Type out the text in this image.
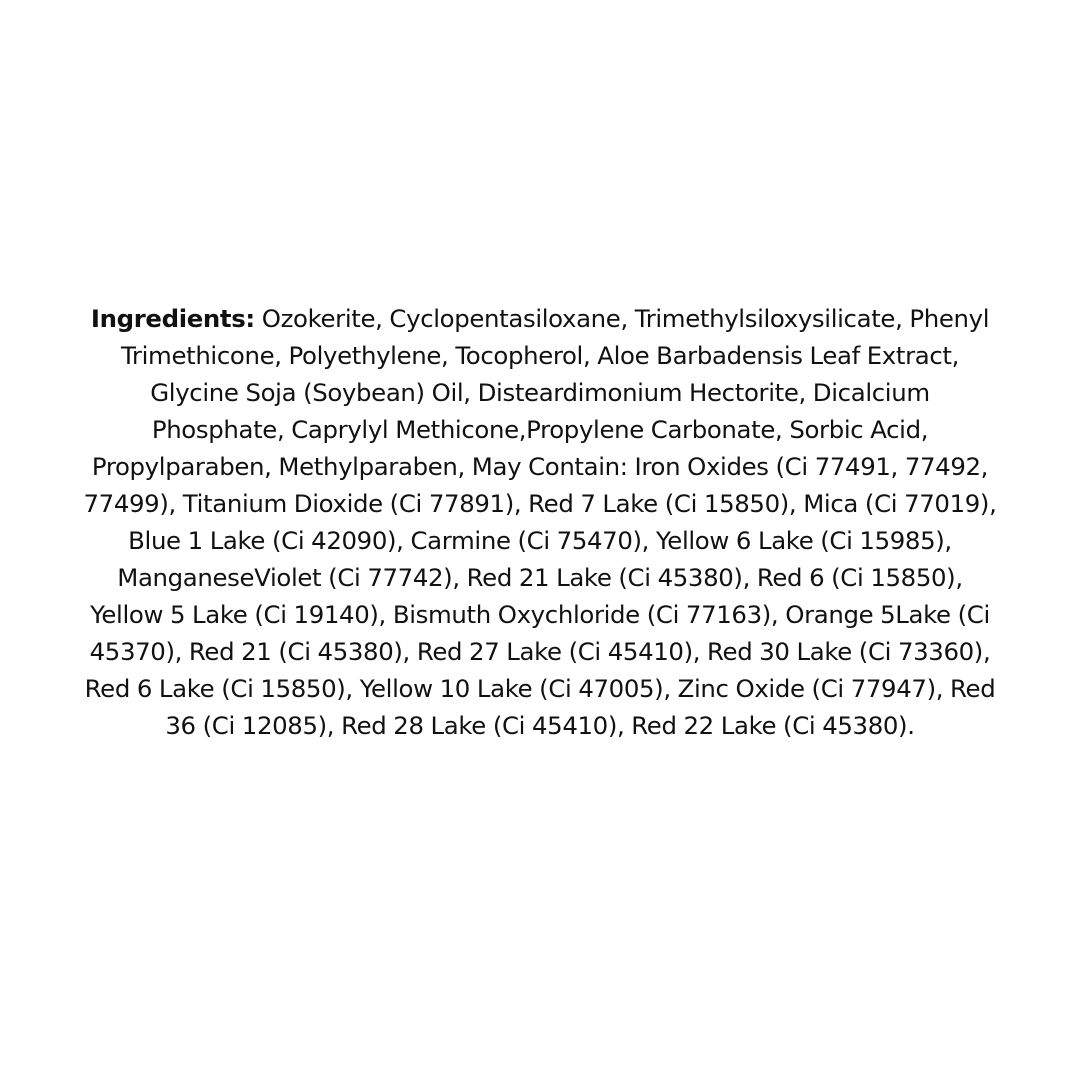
Ingredients: Ozokerite, Cyclopentasiloxane, Trimethylsiloxysilicate, Phenyl Trimethicone, Polyethylene, Tocopherol, Aloe Barbadensis Leaf Extract, Glycine Soja (Soybean) Oil, Disteardimonium Hectorite, Dicalcium Phosphate, Caprylyl Methicone,Propylene Carbonate, Sorbic Acid, Propylparaben, Methylparaben, May Contain: Iron Oxides (Ci 77491, 77492, 77499), Titanium Dioxide (Ci 77891), Red 7 Lake (Ci 15850), Mica (Ci 77019), Blue 1 Lake (Ci 42090), Carmine (Ci 75470), Yellow 6 Lake (Ci 15985), ManganeseViolet (Ci 77742), Red 21 Lake (Ci 45380), Red 6 (Ci 15850), Yellow 5 Lake (Ci 19140), Bismuth Oxychloride (Ci 77163), Orange 5Lake (Ci 45370), Red 21 (Ci 45380), Red 27 Lake (Ci 45410), Red 30 Lake (Ci 73360), Red 6 Lake (Ci 15850), Yellow 10 Lake (Ci 47005), Zinc Oxide (Ci 77947), Red 36 (Ci 12085), Red 28 Lake (Ci 45410), Red 22 Lake (Ci 45380).
